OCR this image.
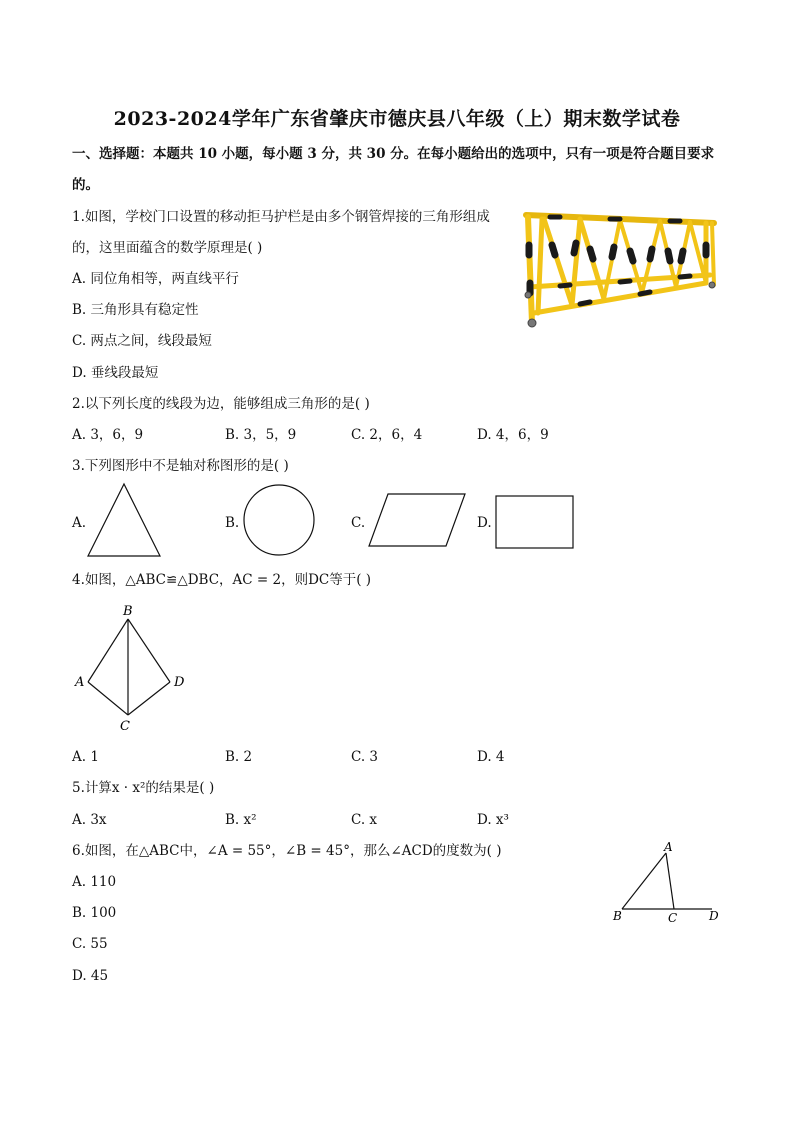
2023-2024学年广东省肇庆市德庆县八年级（上）期末数学试卷
一、选择题：本题共 10 小题，每小题 3 分，共 30 分。在每小题给出的选项中，只有一项是符合题目要求
的。
1.如图，学校门口设置的移动拒马护栏是由多个钢管焊接的三角形组成
的，这里面蕴含的数学原理是( )
A. 同位角相等，两直线平行
B. 三角形具有稳定性
C. 两点之间，线段最短
D. 垂线段最短
2.以下列长度的线段为边，能够组成三角形的是( )
A. 3，6，9	B. 3，5，9	C. 2，6，4	D. 4，6，9
3.下列图形中不是轴对称图形的是( )
A.	B.	C.	D.
4.如图，△ABC≌△DBC，AC = 2，则DC等于( )
B
A	D
C
A. 1	B. 2	C. 3	D. 4
5.计算x · x²的结果是( )
A. 3x	B. x²	C. x	D. x³
6.如图，在△ABC中，∠A = 55°，∠B = 45°，那么∠ACD的度数为( )
A. 110
B. 100
C. 55
D. 45
A
B	C	D
